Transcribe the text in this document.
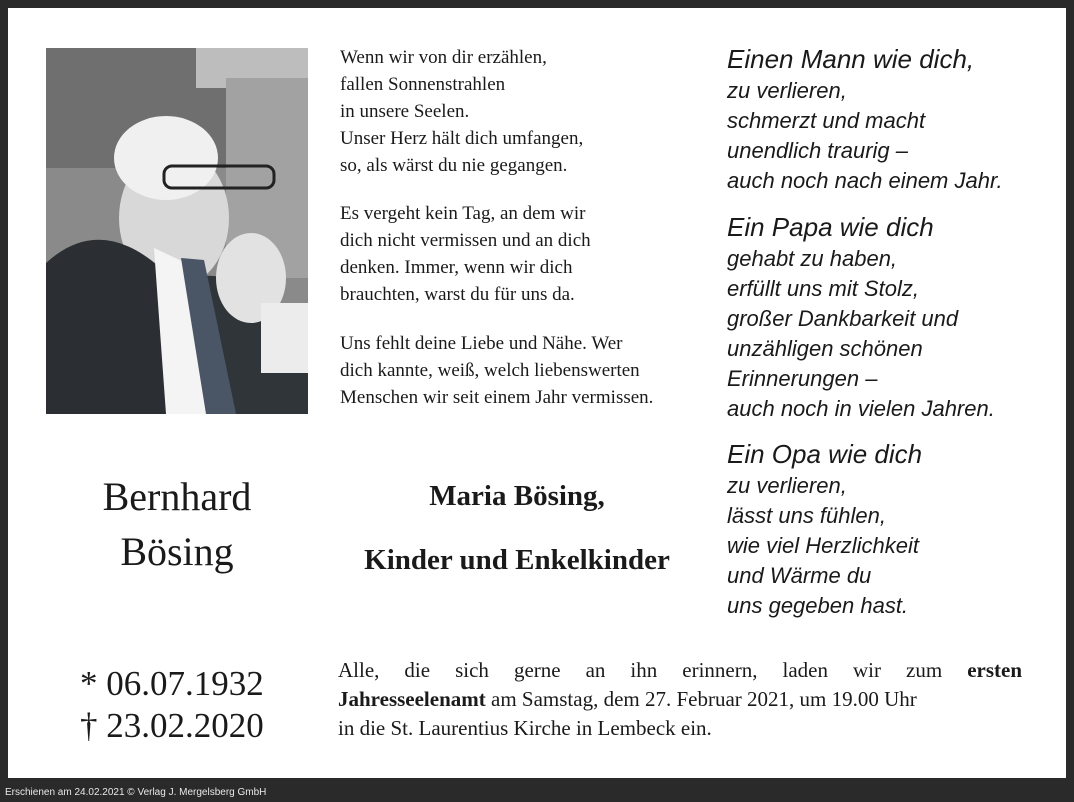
Wenn wir von dir erzählen,
fallen Sonnenstrahlen
in unsere Seelen.
Unser Herz hält dich umfangen,
so, als wärst du nie gegangen.
Es vergeht kein Tag, an dem wir
dich nicht vermissen und an dich
denken. Immer, wenn wir dich
brauchten, warst du für uns da.
Uns fehlt deine Liebe und Nähe. Wer
dich kannte, weiß, welch liebenswerten
Menschen wir seit einem Jahr vermissen.
Einen Mann wie dich,
zu verlieren,
schmerzt und macht
unendlich traurig –
auch noch nach einem Jahr.
Ein Papa wie dich
gehabt zu haben,
erfüllt uns mit Stolz,
großer Dankbarkeit und
unzähligen schönen
Erinnerungen –
auch noch in vielen Jahren.
Ein Opa wie dich
zu verlieren,
lässt uns fühlen,
wie viel Herzlichkeit
und Wärme du
uns gegeben hast.
Bernhard
Bösing
* 06.07.1932
† 23.02.2020
Maria Bösing,
Kinder und Enkelkinder
Alle, die sich gerne an ihn erinnern, laden wir zum ersten
Jahresseelenamt am Samstag, dem 27. Februar 2021, um 19.00 Uhr
in die St. Laurentius Kirche in Lembeck ein.
Erschienen am 24.02.2021 © Verlag J. Mergelsberg GmbH
